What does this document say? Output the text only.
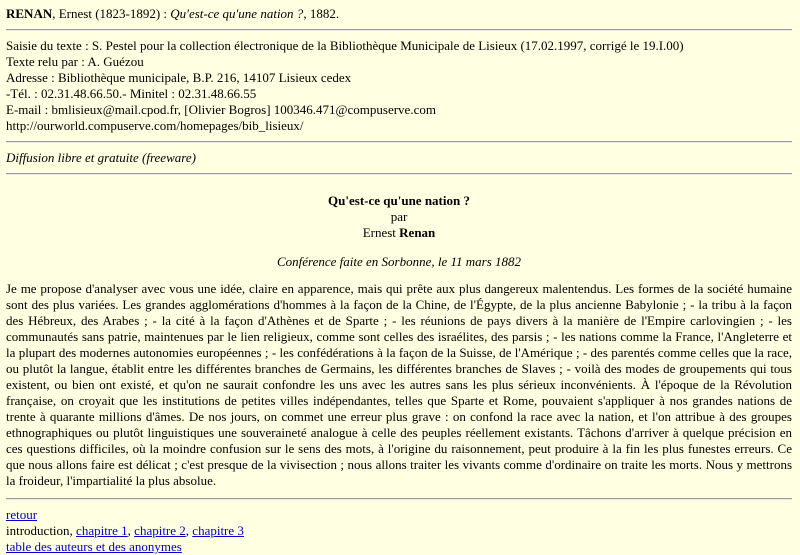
RENAN, Ernest (1823-1892) : Qu'est-ce qu'une nation ?, 1882.
Saisie du texte : S. Pestel pour la collection électronique de la Bibliothèque Municipale de Lisieux (17.02.1997, corrigé le 19.I.00)
Texte relu par : A. Guézou
Adresse : Bibliothèque municipale, B.P. 216, 14107 Lisieux cedex
-Tél. : 02.31.48.66.50.- Minitel : 02.31.48.66.55
E-mail : bmlisieux@mail.cpod.fr, [Olivier Bogros] 100346.471@compuserve.com
http://ourworld.compuserve.com/homepages/bib_lisieux/
Diffusion libre et gratuite (freeware)
Qu'est-ce qu'une nation ?
par
Ernest Renan
Conférence faite en Sorbonne, le 11 mars 1882

Je me propose d'analyser avec vous une idée, claire en apparence, mais qui prête aux plus dangereux malentendus. Les formes de la société humaine sont des plus variées. Les grandes agglomérations d'hommes à la façon de la Chine, de l'Égypte, de la plus ancienne Babylonie ; - la tribu à la façon des Hébreux, des Arabes ; - la cité à la façon d'Athènes et de Sparte ; - les réunions de pays divers à la manière de l'Empire carlovingien ; - les communautés sans patrie, maintenues par le lien religieux, comme sont celles des israélites, des parsis ; - les nations comme la France, l'Angleterre et la plupart des modernes autonomies européennes ; - les confédérations à la façon de la Suisse, de l'Amérique ; - des parentés comme celles que la race, ou plutôt la langue, établit entre les différentes branches de Germains, les différentes branches de Slaves ; - voilà des modes de groupements qui tous existent, ou bien ont existé, et qu'on ne saurait confondre les uns avec les autres sans les plus sérieux inconvénients. À l'époque de la Révolution française, on croyait que les institutions de petites villes indépendantes, telles que Sparte et Rome, pouvaient s'appliquer à nos grandes nations de trente à quarante millions d'âmes. De nos jours, on commet une erreur plus grave : on confond la race avec la nation, et l'on attribue à des groupes ethnographiques ou plutôt linguistiques une souveraineté analogue à celle des peuples réellement existants. Tâchons d'arriver à quelque précision en ces questions difficiles, où la moindre confusion sur le sens des mots, à l'origine du raisonnement, peut produire à la fin les plus funestes erreurs. Ce que nous allons faire est délicat ; c'est presque de la vivisection ; nous allons traiter les vivants comme d'ordinaire on traite les morts. Nous y mettrons la froideur, l'impartialité la plus absolue.

retour
introduction, chapitre 1, chapitre 2, chapitre 3
table des auteurs et des anonymes
